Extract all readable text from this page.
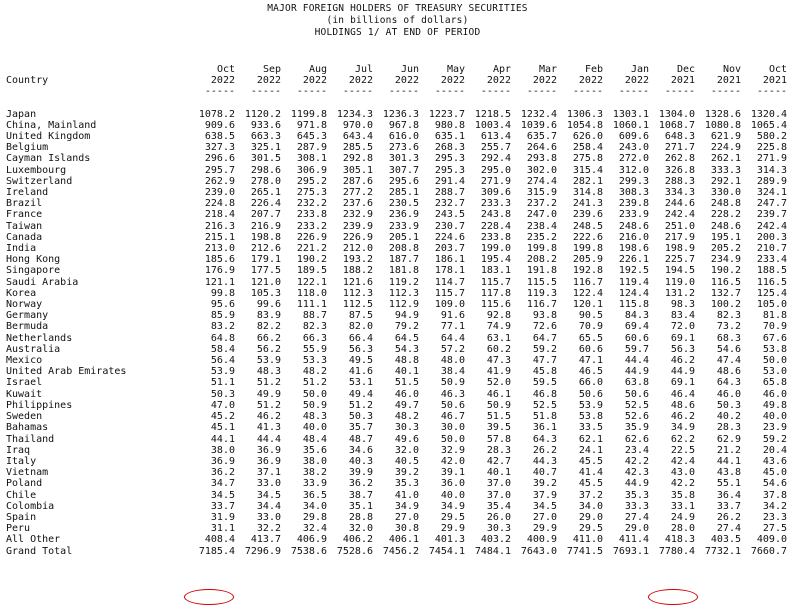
MAJOR FOREIGN HOLDERS OF TREASURY SECURITIES
(in billions of dollars)
HOLDINGS 1/ AT END OF PERIOD
	Oct	Sep	Aug	Jul	Jun	May	Apr	Mar	Feb	Jan	Dec	Nov	Oct
Country	2022	2022	2022	2022	2022	2022	2022	2022	2022	2022	2021	2021	2021
	-----	-----	-----	-----	-----	-----	-----	-----	-----	-----	-----	-----	-----

Japan	1078.2	1120.2	1199.8	1234.3	1236.3	1223.7	1218.5	1232.4	1306.3	1303.1	1304.0	1328.6	1320.4
China, Mainland	909.6	933.6	971.8	970.0	967.8	980.8	1003.4	1039.6	1054.8	1060.1	1068.7	1080.8	1065.4
United Kingdom	638.5	663.3	645.3	643.4	616.0	635.1	613.4	635.7	626.0	609.6	648.3	621.9	580.2
Belgium	327.3	325.1	287.9	285.5	273.6	268.3	255.7	264.6	258.4	243.0	271.7	224.9	225.8
Cayman Islands	296.6	301.5	308.1	292.8	301.3	295.3	292.4	293.8	275.8	272.0	262.8	262.1	271.9
Luxembourg	295.7	298.6	306.9	305.1	307.7	295.3	295.0	302.0	315.4	312.0	326.8	333.3	314.3
Switzerland	262.9	278.0	295.2	287.6	295.6	291.4	271.9	274.4	282.1	299.3	288.3	292.1	289.9
Ireland	239.0	265.1	275.3	277.2	285.1	288.7	309.6	315.9	314.8	308.3	334.3	330.0	324.1
Brazil	224.8	226.4	232.2	237.6	230.5	232.7	233.3	237.2	241.3	239.8	244.6	248.8	247.7
France	218.4	207.7	233.8	232.9	236.9	243.5	243.8	247.0	239.6	233.9	242.4	228.2	239.7
Taiwan	216.3	216.9	233.2	239.9	233.9	230.7	228.4	238.4	248.5	248.6	251.0	248.6	242.4
Canada	215.1	198.8	226.9	226.9	205.1	224.6	233.8	235.2	222.6	216.0	217.9	195.1	200.3
India	213.0	212.6	221.2	212.0	208.8	203.7	199.0	199.8	199.8	198.6	198.9	205.2	210.7
Hong Kong	185.6	179.1	190.2	193.2	187.7	186.1	195.4	208.2	205.9	226.1	225.7	234.9	233.4
Singapore	176.9	177.5	189.5	188.2	181.8	178.1	183.1	191.8	192.8	192.5	194.5	190.2	188.5
Saudi Arabia	121.1	121.0	122.1	121.6	119.2	114.7	115.7	115.5	116.7	119.4	119.0	116.5	116.5
Korea	99.8	105.3	118.0	112.3	112.3	115.7	117.8	119.3	122.4	124.4	131.2	132.7	125.4
Norway	95.6	99.6	111.1	112.5	112.9	109.0	115.6	116.7	120.1	115.8	98.3	100.2	105.0
Germany	85.9	83.9	88.7	87.5	94.9	91.6	92.8	93.8	90.5	84.3	83.4	82.3	81.8
Bermuda	83.2	82.2	82.3	82.0	79.2	77.1	74.9	72.6	70.9	69.4	72.0	73.2	70.9
Netherlands	64.8	66.2	66.3	66.4	64.5	64.4	63.1	64.7	65.5	60.6	69.1	68.3	67.6
Australia	58.4	56.2	55.9	56.3	54.3	57.2	60.2	59.2	60.6	59.7	56.3	54.6	53.8
Mexico	56.4	53.9	53.3	49.5	48.8	48.0	47.3	47.7	47.1	44.4	46.2	47.4	50.0
United Arab Emirates	53.9	48.3	48.2	41.6	40.1	38.4	41.9	45.8	46.5	44.9	44.9	48.6	53.0
Israel	51.1	51.2	51.2	53.1	51.5	50.9	52.0	59.5	66.0	63.8	69.1	64.3	65.8
Kuwait	50.3	49.9	50.0	49.4	46.0	46.3	46.1	46.8	50.6	50.6	46.4	46.0	46.0
Philippines	47.0	51.2	50.9	51.2	49.7	50.6	50.9	52.5	53.9	52.5	48.6	50.3	49.8
Sweden	45.2	46.2	48.3	50.3	48.2	46.7	51.5	51.8	53.8	52.6	46.2	40.2	40.0
Bahamas	45.1	41.3	40.0	35.7	30.3	30.0	39.5	36.1	33.5	35.9	34.9	28.3	23.9
Thailand	44.1	44.4	48.4	48.7	49.6	50.0	57.8	64.3	62.1	62.6	62.2	62.9	59.2
Iraq	38.0	36.9	35.6	34.6	32.0	32.9	28.3	26.2	24.1	23.4	22.5	21.2	20.4
Italy	36.9	36.9	38.0	40.3	40.5	42.0	42.7	44.3	45.5	42.2	42.4	44.1	43.6
Vietnam	36.2	37.1	38.2	39.9	39.2	39.1	40.1	40.7	41.4	42.3	43.0	43.8	45.0
Poland	34.7	33.0	33.9	36.2	35.3	36.0	37.0	39.2	45.5	44.9	42.2	55.1	54.6
Chile	34.5	34.5	36.5	38.7	41.0	40.0	37.0	37.9	37.2	35.3	35.8	36.4	37.8
Colombia	33.7	34.4	34.0	35.1	34.9	34.9	35.4	34.5	34.0	33.3	33.1	33.7	34.2
Spain	31.9	33.0	29.8	28.8	27.0	29.5	26.0	27.0	29.0	27.4	24.9	26.2	23.3
Peru	31.1	32.2	32.4	32.0	30.8	29.9	30.3	29.9	29.5	29.0	28.0	27.4	27.5
All Other	408.4	413.7	406.9	406.2	406.1	401.3	403.2	400.9	411.0	411.4	418.3	403.5	409.0
Grand Total	7185.4	7296.9	7538.6	7528.6	7456.2	7454.1	7484.1	7643.0	7741.5	7693.1	7780.4	7732.1	7660.7
